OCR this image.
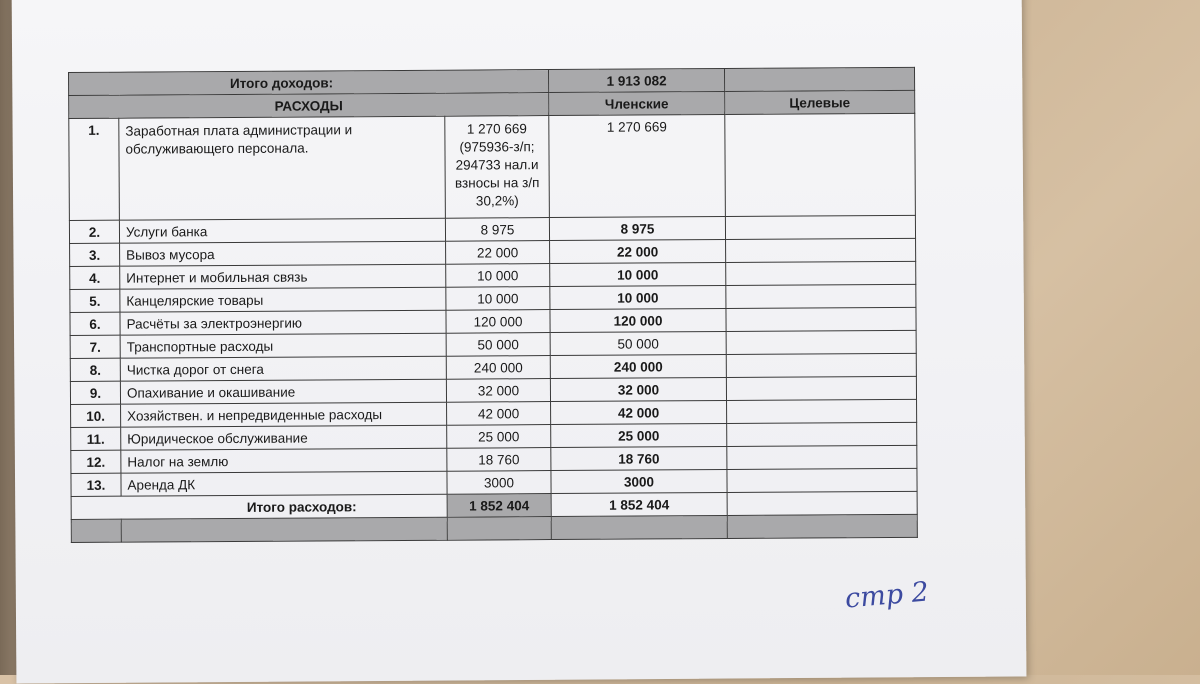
Итого доходов:			1 913 082	
РАСХОДЫ			Членские	Целевые
1.	Заработная плата администрации и обслуживающего персонала.	1 270 669 (975936-з/п; 294733 нал.и взносы на з/п 30,2%)	1 270 669	
2.	Услуги банка	8 975	8 975	
3.	Вывоз мусора	22 000	22 000	
4.	Интернет и мобильная связь	10 000	10 000	
5.	Канцелярские товары	10 000	10 000	
6.	Расчёты за электроэнергию	120 000	120 000	
7.	Транспортные расходы	50 000	50 000	
8.	Чистка дорог от снега	240 000	240 000	
9.	Опахивание и окашивание	32 000	32 000	
10.	Хозяйствен. и непредвиденные расходы	42 000	42 000	
11.	Юридическое обслуживание	25 000	25 000	
12.	Налог на землю	18 760	18 760	
13.	Аренда ДК	3000	3000	
Итого расходов:		1 852 404	1 852 404	

стр 2
